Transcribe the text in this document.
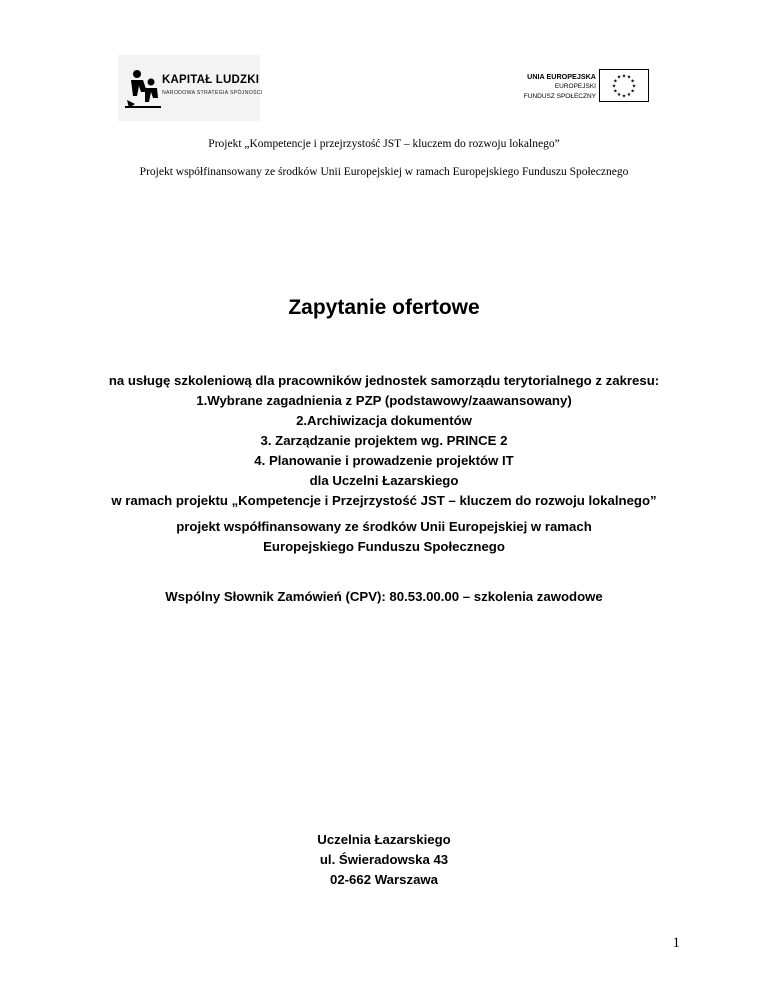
KAPITAŁ LUDZKI
NARODOWA STRATEGIA SPÓJNOŚCI
UNIA EUROPEJSKA
EUROPEJSKI
FUNDUSZ SPOŁECZNY
★
★
★
★
★
★
★
★
★ ★ ★
★
Projekt „Kompetencje i przejrzystość JST – kluczem do rozwoju lokalnego”
Projekt współfinansowany ze środków Unii Europejskiej w ramach Europejskiego Funduszu Społecznego
Zapytanie ofertowe
na usługę szkoleniową dla pracowników jednostek samorządu terytorialnego z zakresu:
1.Wybrane zagadnienia z PZP (podstawowy/zaawansowany)
2.Archiwizacja dokumentów
3. Zarządzanie projektem wg. PRINCE 2
4. Planowanie i prowadzenie projektów IT
dla Uczelni Łazarskiego
w ramach projektu „Kompetencje i Przejrzystość JST – kluczem do rozwoju lokalnego”
projekt współfinansowany ze środków Unii Europejskiej w ramach
Europejskiego Funduszu Społecznego
Wspólny Słownik Zamówień (CPV): 80.53.00.00 – szkolenia zawodowe
Uczelnia Łazarskiego
ul. Świeradowska 43
02-662 Warszawa
1
